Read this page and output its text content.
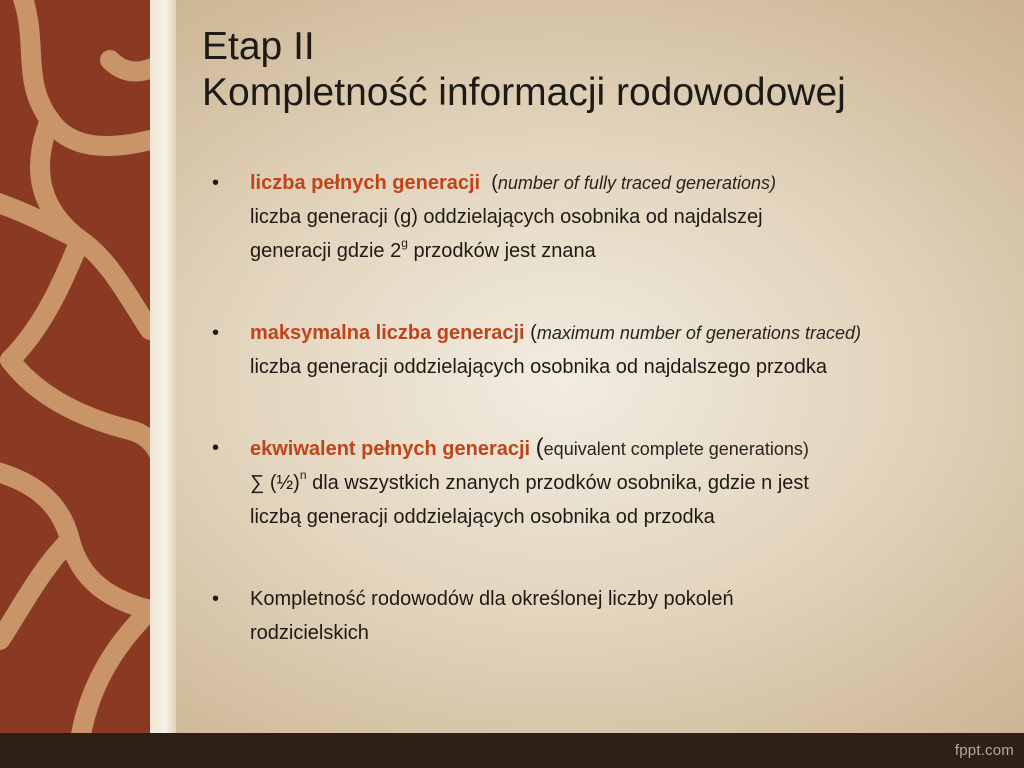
Etap II
Kompletność informacji rodowodowej
•	liczba pełnych generacji (number of fully traced generations)
liczba generacji (g) oddzielających osobnika od najdalszej
generacji gdzie 2$^g$ przodków jest znana
•	maksymalna liczba generacji (maximum number of generations traced)
liczba generacji oddzielających osobnika od najdalszego przodka
•	ekwiwalent pełnych generacji (equivalent complete generations)
∑ (½)$^n$ dla wszystkich znanych przodków osobnika, gdzie n jest
liczbą generacji oddzielających osobnika od przodka
•	Kompletność rodowodów dla określonej liczby pokoleń
rodzicielskich
fppt.com
